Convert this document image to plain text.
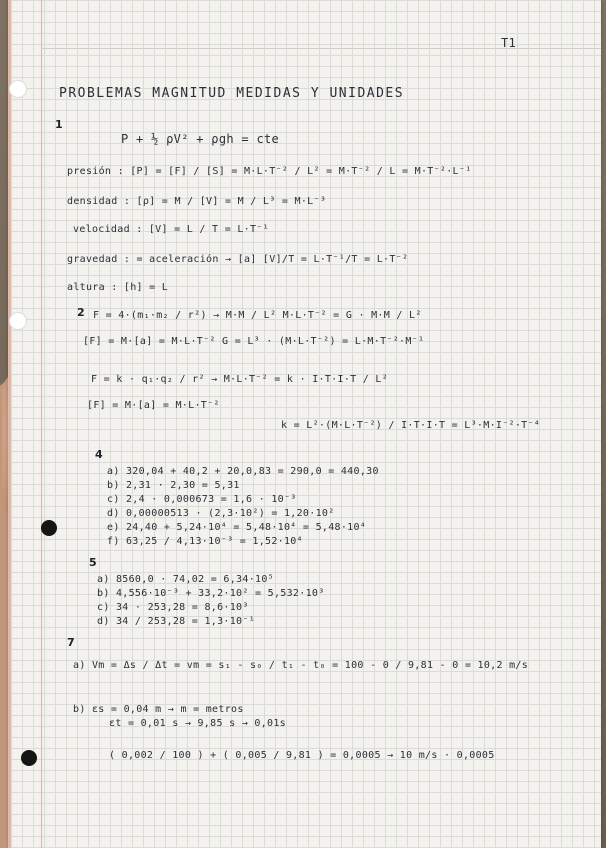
T1
PROBLEMAS MAGNITUD MEDIDAS Y UNIDADES
1
P + ½ ρV² + ρgh = cte
presión : [P] = [F] / [S] = M·L·T⁻² / L² = M·T⁻² / L = M·T⁻²·L⁻¹
densidad : [ρ] = M / [V] = M / L³ = M·L⁻³
velocidad : [V] = L / T = L·T⁻¹
gravedad : = aceleración → [a] [V]/T = L·T⁻¹/T = L·T⁻²
altura : [h] = L
2 F = 4·(m₁·m₂ / r²) → M·M / L² M·L·T⁻² = G · M·M / L²
[F] = M·[a] = M·L·T⁻² G = L³ · (M·L·T⁻²) = L·M·T⁻²·M⁻¹
F = k · q₁·q₂ / r² → M·L·T⁻² = k · I·T·I·T / L²
[F] = M·[a] = M·L·T⁻²
k = L²·(M·L·T⁻²) / I·T·I·T = L³·M·I⁻²·T⁻⁴
4
a) 320,04 + 40,2 + 20,0,83 = 290,0 = 440,30
b) 2,31 · 2,30 = 5,31
c) 2,4 · 0,000673 = 1,6 · 10⁻³
d) 0,00000513 · (2,3·10²) = 1,20·10²
e) 24,40 + 5,24·10⁴ = 5,48·10⁴ = 5,48·10⁴
f) 63,25 / 4,13·10⁻³ = 1,52·10⁴
5
a) 8560,0 · 74,02 = 6,34·10⁵
b) 4,556·10⁻³ + 33,2·10² = 5,532·10³
c) 34 · 253,28 = 8,6·10³
d) 34 / 253,28 = 1,3·10⁻¹
7
a) Vm = Δs / Δt = vm = s₁ - s₀ / t₁ - t₀ = 100 - 0 / 9,81 - 0 = 10,2 m/s
b) εs = 0,04 m → m = metros
εt = 0,01 s → 9,85 s → 0,01s
( 0,002 / 100 ) + ( 0,005 / 9,81 ) = 0,0005 → 10 m/s · 0,0005
